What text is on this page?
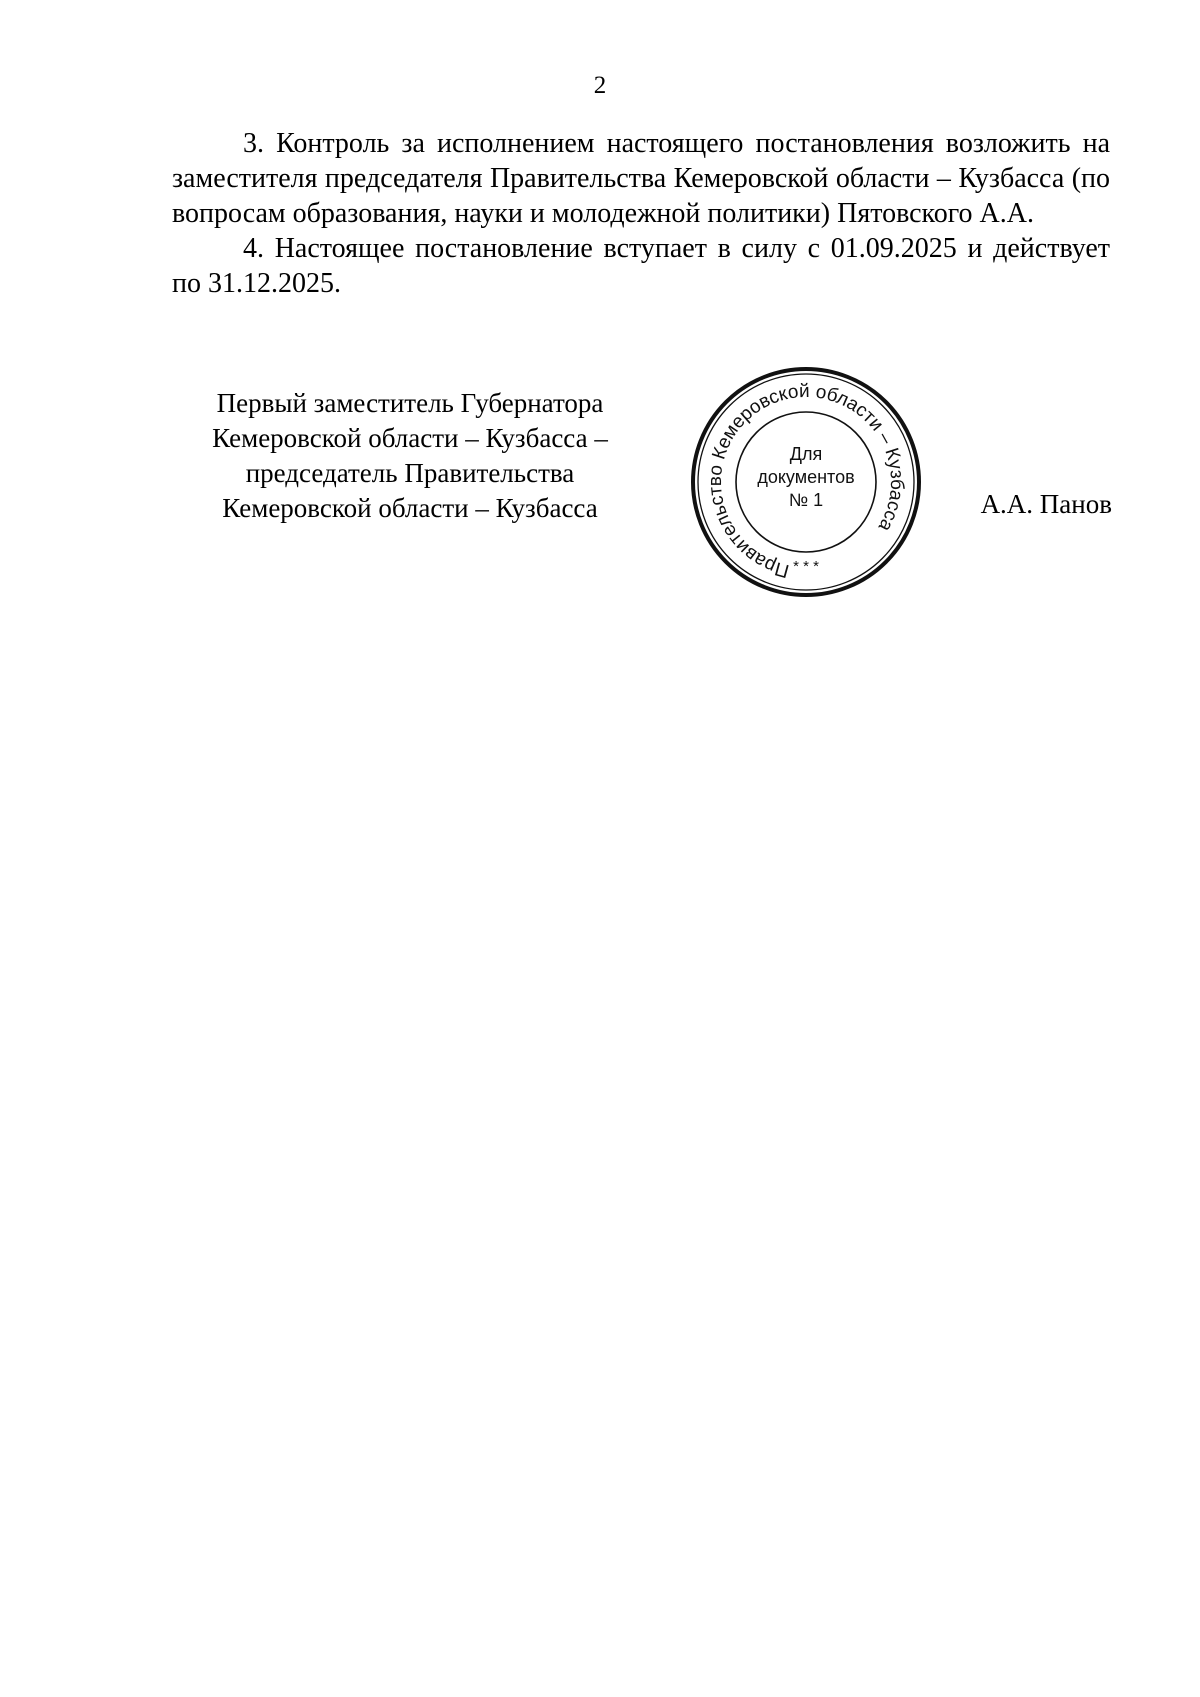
2

3. Контроль за исполнением настоящего постановления возложить на заместителя председателя Правительства Кемеровской области – Кузбасса (по вопросам образования, науки и молодежной политики) Пятовского А.А.

4. Настоящее постановление вступает в силу с 01.09.2025 и действует по 31.12.2025.

Первый заместитель Губернатора
Кемеровской области – Кузбасса –
председатель Правительства
Кемеровской области – Кузбасса
Правительство Кемеровской области – Кузбасса
Для
документов
№ 1
* * *
А.А. Панов
